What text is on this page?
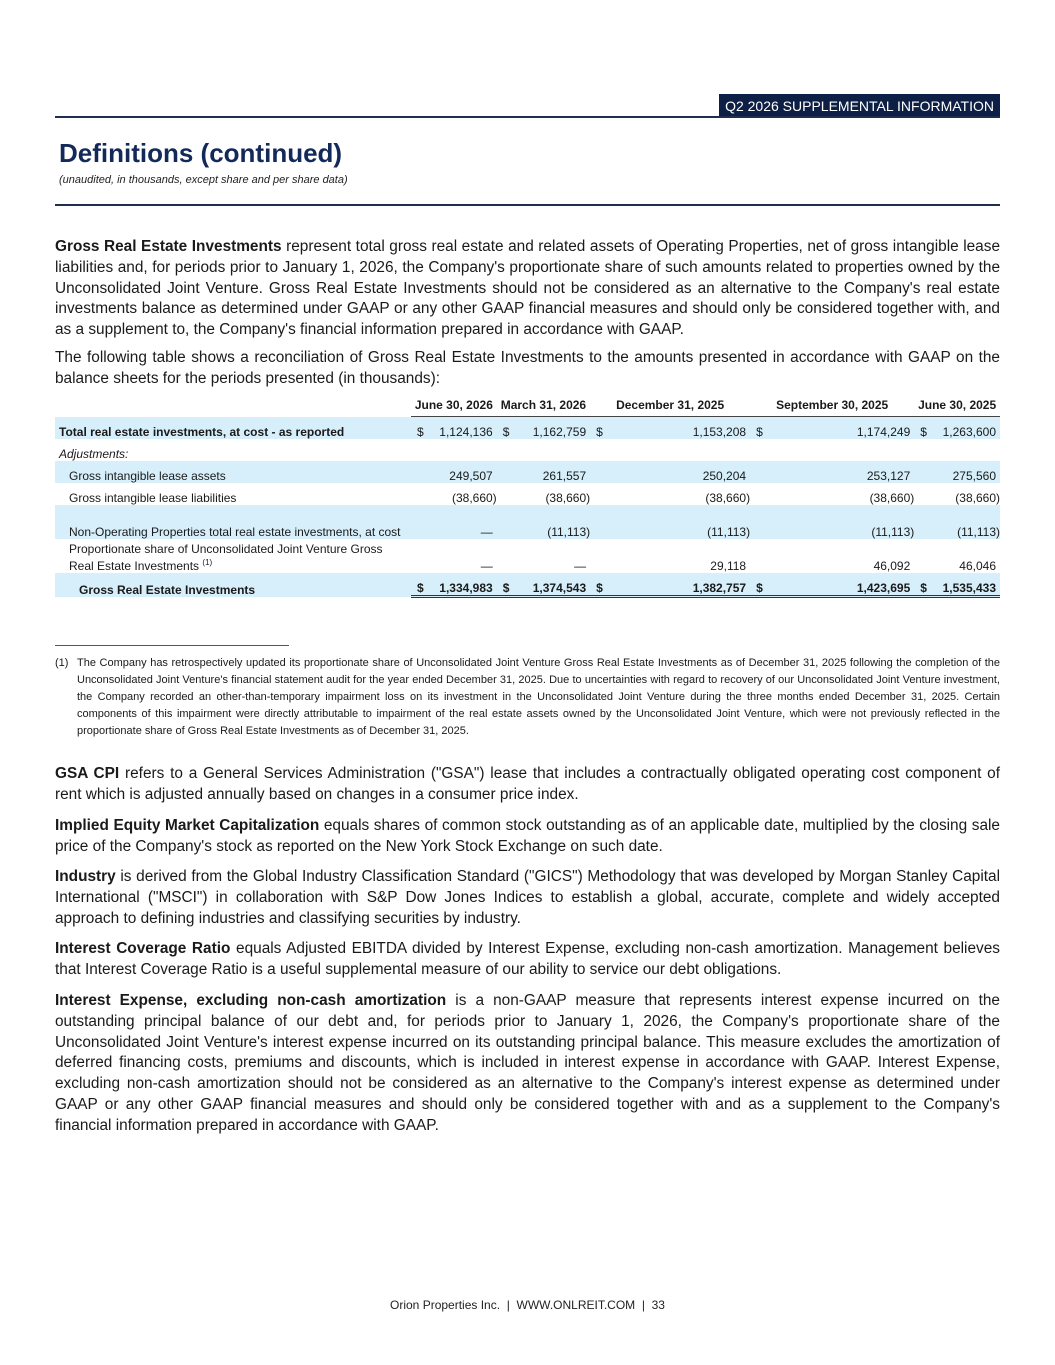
Q2 2026 SUPPLEMENTAL INFORMATION
Definitions (continued)
(unaudited, in thousands, except share and per share data)

Gross Real Estate Investments represent total gross real estate and related assets of Operating Properties, net of gross intangible lease liabilities and, for periods prior to January 1, 2026, the Company's proportionate share of such amounts related to properties owned by the Unconsolidated Joint Venture. Gross Real Estate Investments should not be considered as an alternative to the Company's real estate investments balance as determined under GAAP or any other GAAP financial measures and should only be considered together with, and as a supplement to, the Company's financial information prepared in accordance with GAAP.

The following table shows a reconciliation of Gross Real Estate Investments to the amounts presented in accordance with GAAP on the balance sheets for the periods presented (in thousands):

	June 30, 2026		March 31, 2026		December 31, 2025		September 30, 2025		June 30, 2025	
Total real estate investments, at cost - as reported	$	1,124,136	$	1,162,759	$	1,153,208	$	1,174,249	$	1,263,600
Adjustments:										
Gross intangible lease assets		249,507		261,557		250,204		253,127		275,560
Gross intangible lease liabilities		(38,660)		(38,660)		(38,660)		(38,660)		(38,660)
Non-Operating Properties total real estate investments, at cost		—		(11,113)		(11,113)		(11,113)		(11,113)
Proportionate share of Unconsolidated Joint Venture Gross Real Estate Investments $^{(1)}$		—		—		29,118		46,092		46,046
Gross Real Estate Investments	$	1,334,983	$	1,374,543	$	1,382,757	$	1,423,695	$	1,535,433
(1) The Company has retrospectively updated its proportionate share of Unconsolidated Joint Venture Gross Real Estate Investments as of December 31, 2025 following the completion of the Unconsolidated Joint Venture's financial statement audit for the year ended December 31, 2025. Due to uncertainties with regard to recovery of our Unconsolidated Joint Venture investment, the Company recorded an other-than-temporary impairment loss on its investment in the Unconsolidated Joint Venture during the three months ended December 31, 2025. Certain components of this impairment were directly attributable to impairment of the real estate assets owned by the Unconsolidated Joint Venture, which were not previously reflected in the proportionate share of Gross Real Estate Investments as of December 31, 2025.

GSA CPI refers to a General Services Administration ("GSA") lease that includes a contractually obligated operating cost component of rent which is adjusted annually based on changes in a consumer price index.

Implied Equity Market Capitalization equals shares of common stock outstanding as of an applicable date, multiplied by the closing sale price of the Company's stock as reported on the New York Stock Exchange on such date.

Industry is derived from the Global Industry Classification Standard ("GICS") Methodology that was developed by Morgan Stanley Capital International ("MSCI") in collaboration with S&P Dow Jones Indices to establish a global, accurate, complete and widely accepted approach to defining industries and classifying securities by industry.

Interest Coverage Ratio equals Adjusted EBITDA divided by Interest Expense, excluding non-cash amortization. Management believes that Interest Coverage Ratio is a useful supplemental measure of our ability to service our debt obligations.

Interest Expense, excluding non-cash amortization is a non-GAAP measure that represents interest expense incurred on the outstanding principal balance of our debt and, for periods prior to January 1, 2026, the Company's proportionate share of the Unconsolidated Joint Venture's interest expense incurred on its outstanding principal balance. This measure excludes the amortization of deferred financing costs, premiums and discounts, which is included in interest expense in accordance with GAAP. Interest Expense, excluding non-cash amortization should not be considered as an alternative to the Company's interest expense as determined under GAAP or any other GAAP financial measures and should only be considered together with and as a supplement to the Company's financial information prepared in accordance with GAAP.

Orion Properties Inc.  |  WWW.ONLREIT.COM  |  33
